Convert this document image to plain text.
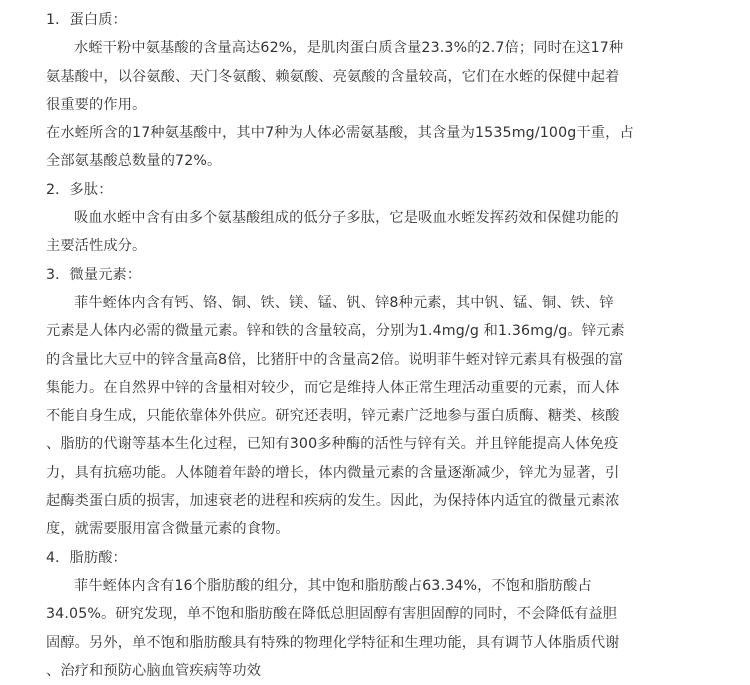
1．蛋白质：
水蛭干粉中氨基酸的含量高达62%，是肌肉蛋白质含量23.3%的2.7倍；同时在这17种
氨基酸中，以谷氨酸、天门冬氨酸、赖氨酸、亮氨酸的含量较高，它们在水蛭的保健中起着
很重要的作用。
在水蛭所含的17种氨基酸中，其中7种为人体必需氨基酸，其含量为1535mg/100g干重，占
全部氨基酸总数量的72%。
2．多肽：
吸血水蛭中含有由多个氨基酸组成的低分子多肽，它是吸血水蛭发挥药效和保健功能的
主要活性成分。
3．微量元素：
菲牛蛭体内含有钙、铬、铜、铁、镁、锰、钒、锌8种元素，其中钒、锰、铜、铁、锌
元素是人体内必需的微量元素。锌和铁的含量较高，分别为1.4mg/g 和1.36mg/g。锌元素
的含量比大豆中的锌含量高8倍，比猪肝中的含量高2倍。说明菲牛蛭对锌元素具有极强的富
集能力。在自然界中锌的含量相对较少，而它是维持人体正常生理活动重要的元素，而人体
不能自身生成，只能依靠体外供应。研究还表明，锌元素广泛地参与蛋白质酶、糖类、核酸
、脂肪的代谢等基本生化过程，已知有300多种酶的活性与锌有关。并且锌能提高人体免疫
力，具有抗癌功能。人体随着年龄的增长，体内微量元素的含量逐渐减少，锌尤为显著，引
起酶类蛋白质的损害，加速衰老的进程和疾病的发生。因此，为保持体内适宜的微量元素浓
度，就需要服用富含微量元素的食物。
4．脂肪酸：
菲牛蛭体内含有16个脂肪酸的组分，其中饱和脂肪酸占63.34%，不饱和脂肪酸占
34.05%。研究发现，单不饱和脂肪酸在降低总胆固醇有害胆固醇的同时，不会降低有益胆
固醇。另外，单不饱和脂肪酸具有特殊的物理化学特征和生理功能，具有调节人体脂质代谢
、治疗和预防心脑血管疾病等功效
